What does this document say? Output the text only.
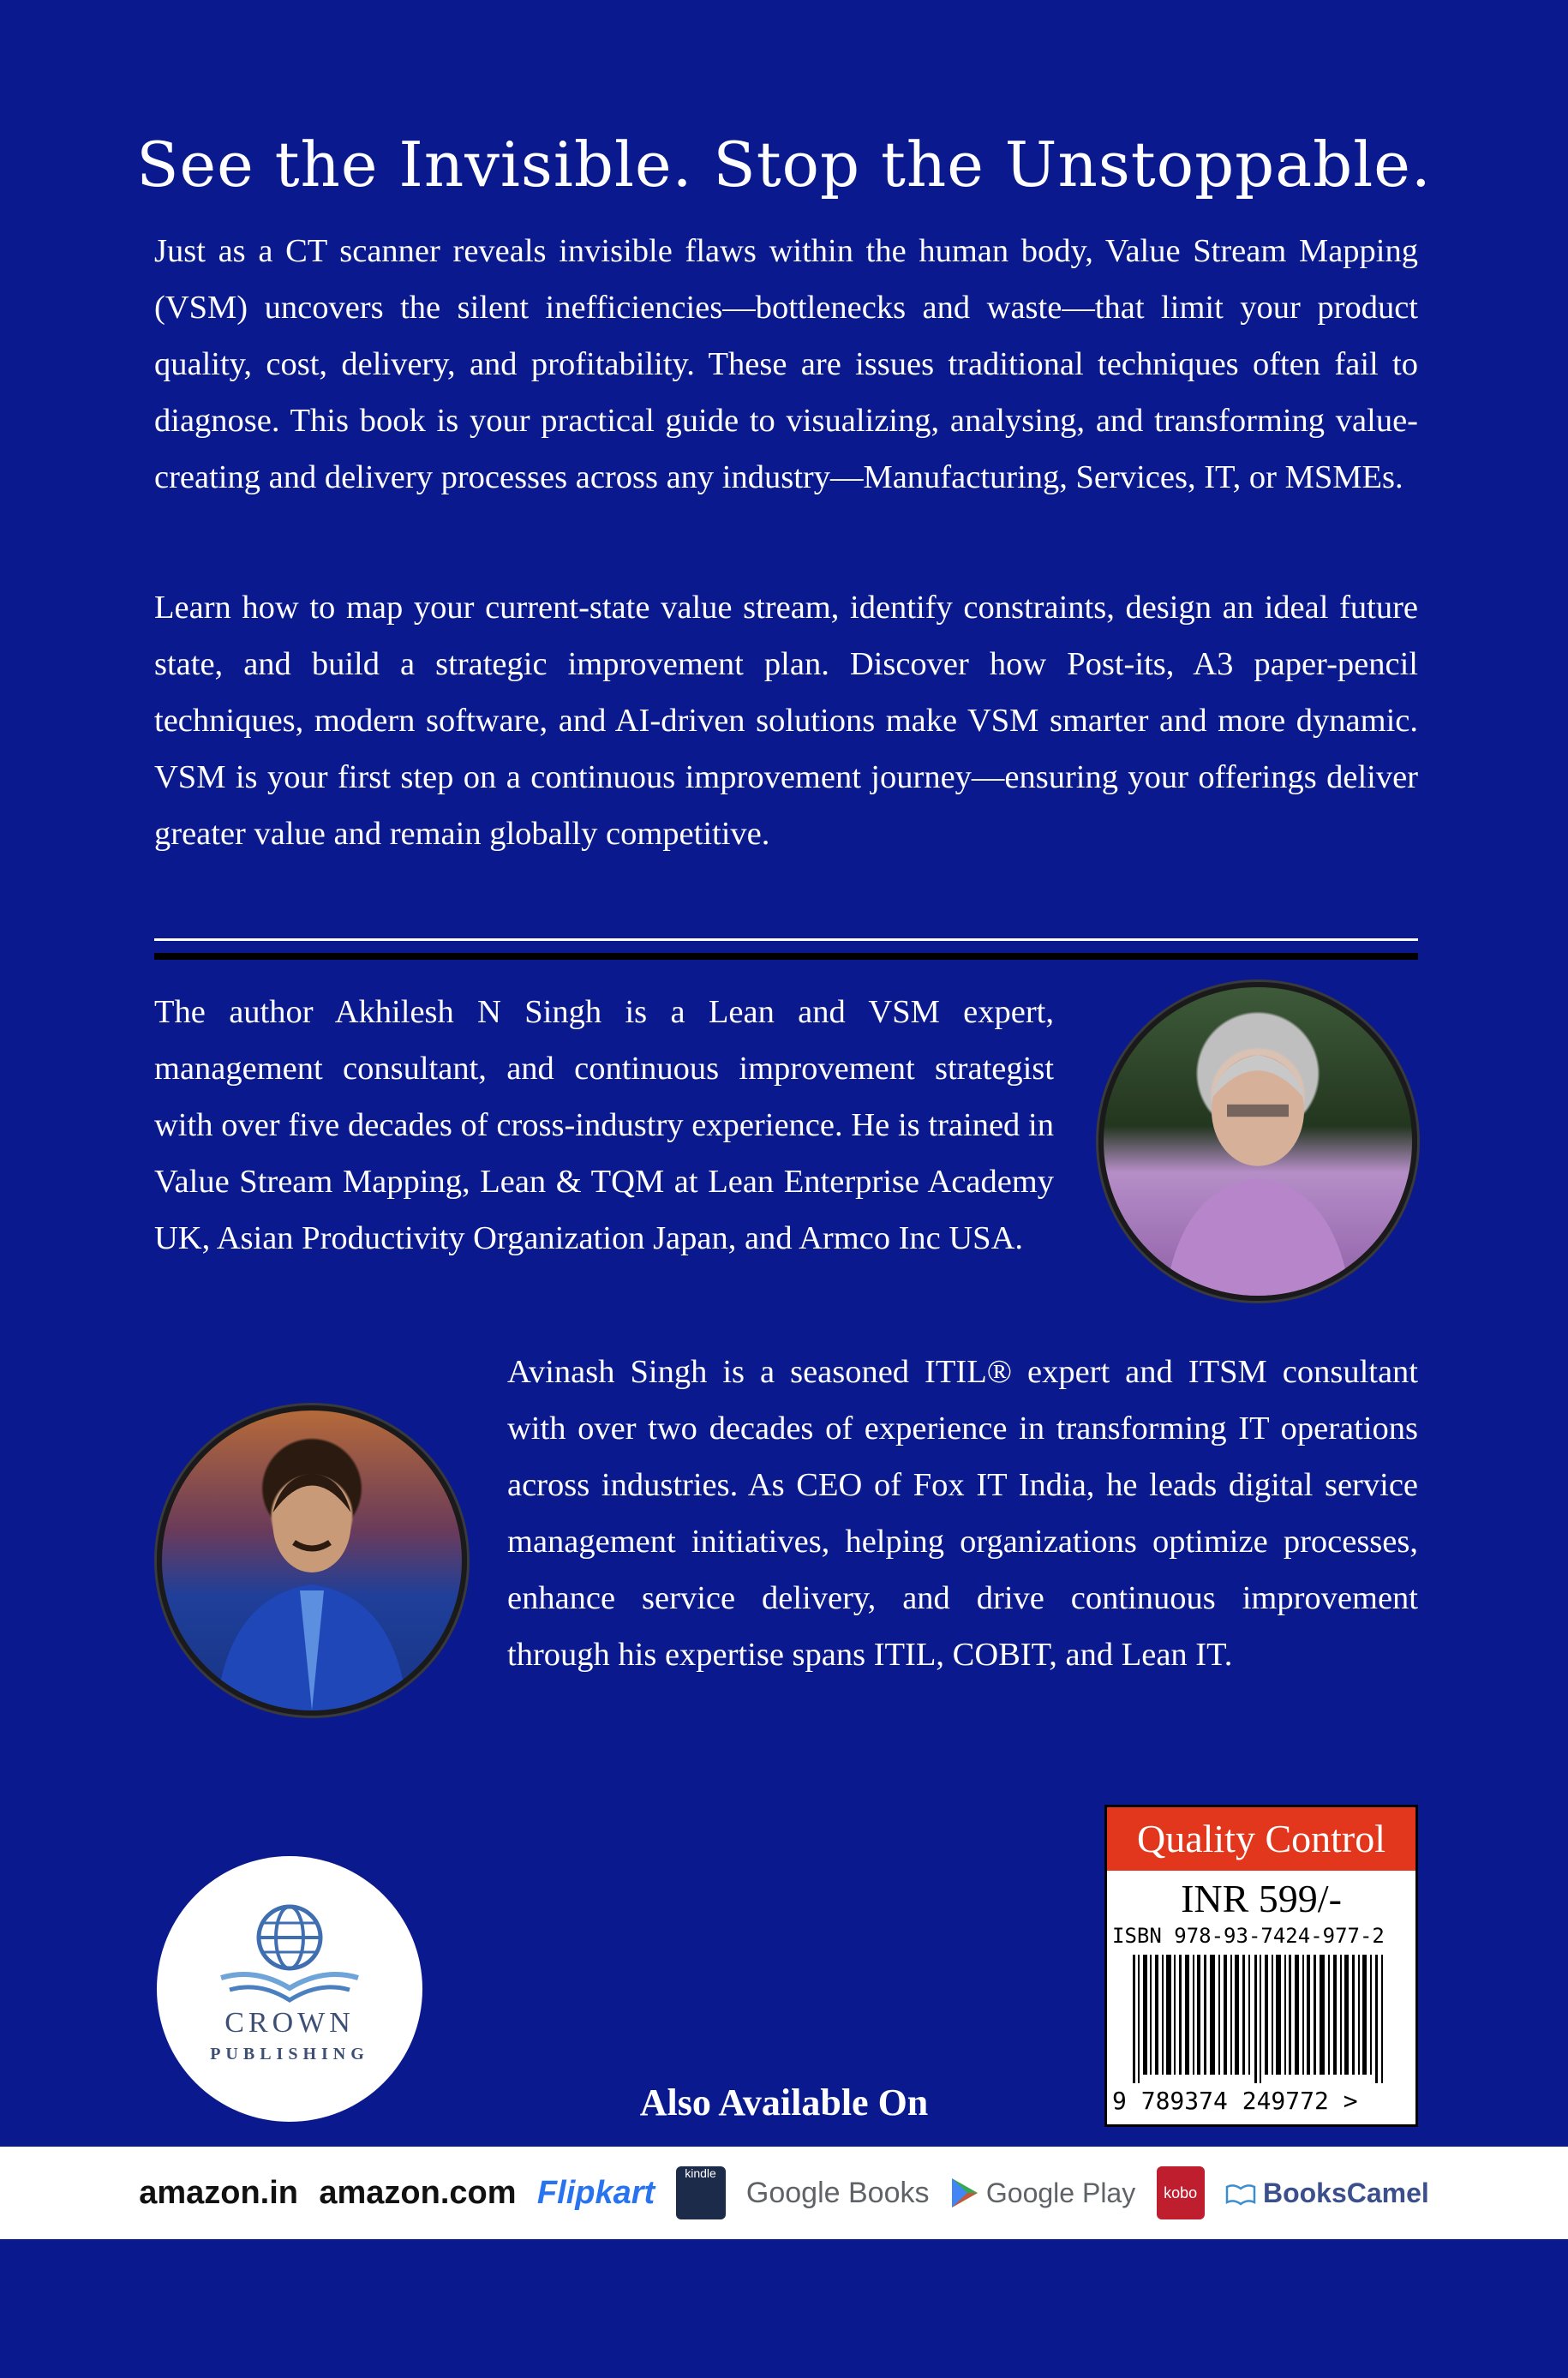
See the Invisible. Stop the Unstoppable.
Just as a CT scanner reveals invisible flaws within the human body, Value Stream Mapping (VSM) uncovers the silent inefficiencies—bottlenecks and waste—that limit your product quality, cost, delivery, and profitability. These are issues traditional techniques often fail to diagnose. This book is your practical guide to visualizing, analysing, and transforming value-creating and delivery processes across any industry—Manufacturing, Services, IT, or MSMEs.
Learn how to map your current-state value stream, identify constraints, design an ideal future state, and build a strategic improvement plan. Discover how Post-its, A3 paper-pencil techniques, modern software, and AI-driven solutions make VSM smarter and more dynamic. VSM is your first step on a continuous improvement journey—ensuring your offerings deliver greater value and remain globally competitive.
The author Akhilesh N Singh is a Lean and VSM expert, management consultant, and continuous improvement strategist with over five decades of cross-industry experience. He is trained in Value Stream Mapping, Lean & TQM at Lean Enterprise Academy UK, Asian Productivity Organization Japan, and Armco Inc USA.
Avinash Singh is a seasoned ITIL® expert and ITSM consultant with over two decades of experience in transforming IT operations across industries. As CEO of Fox IT India, he leads digital service management initiatives, helping organizations optimize processes, enhance service delivery, and drive continuous improvement through his expertise spans ITIL, COBIT, and Lean IT.
CROWN
PUBLISHING
Quality Control
INR 599/-
ISBN 978-93-7424-977-2
9 789374 249772 >
Also Available On
amazon.in amazon.com Flipkart
kindle
Google Books Google Play	kobo BooksCamel
